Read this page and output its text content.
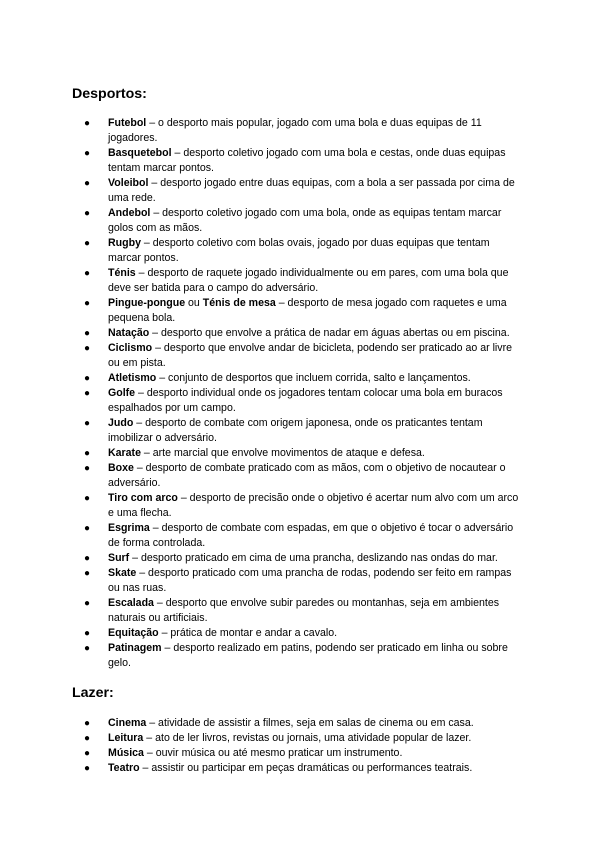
Desportos:
● Futebol – o desporto mais popular, jogado com uma bola e duas equipas de 11 jogadores.
● Basquetebol – desporto coletivo jogado com uma bola e cestas, onde duas equipas tentam marcar pontos.
● Voleibol – desporto jogado entre duas equipas, com a bola a ser passada por cima de uma rede.
● Andebol – desporto coletivo jogado com uma bola, onde as equipas tentam marcar golos com as mãos.
● Rugby – desporto coletivo com bolas ovais, jogado por duas equipas que tentam marcar pontos.
● Ténis – desporto de raquete jogado individualmente ou em pares, com uma bola que deve ser batida para o campo do adversário.
● Pingue-pongue ou Ténis de mesa – desporto de mesa jogado com raquetes e uma pequena bola.
● Natação – desporto que envolve a prática de nadar em águas abertas ou em piscina.
● Ciclismo – desporto que envolve andar de bicicleta, podendo ser praticado ao ar livre ou em pista.
● Atletismo – conjunto de desportos que incluem corrida, salto e lançamentos.
● Golfe – desporto individual onde os jogadores tentam colocar uma bola em buracos espalhados por um campo.
● Judo – desporto de combate com origem japonesa, onde os praticantes tentam imobilizar o adversário.
● Karate – arte marcial que envolve movimentos de ataque e defesa.
● Boxe – desporto de combate praticado com as mãos, com o objetivo de nocautear o adversário.
● Tiro com arco – desporto de precisão onde o objetivo é acertar num alvo com um arco e uma flecha.
● Esgrima – desporto de combate com espadas, em que o objetivo é tocar o adversário de forma controlada.
● Surf – desporto praticado em cima de uma prancha, deslizando nas ondas do mar.
● Skate – desporto praticado com uma prancha de rodas, podendo ser feito em rampas ou nas ruas.
● Escalada – desporto que envolve subir paredes ou montanhas, seja em ambientes naturais ou artificiais.
● Equitação – prática de montar e andar a cavalo.
● Patinagem – desporto realizado em patins, podendo ser praticado em linha ou sobre gelo.
Lazer:
● Cinema – atividade de assistir a filmes, seja em salas de cinema ou em casa.
● Leitura – ato de ler livros, revistas ou jornais, uma atividade popular de lazer.
● Música – ouvir música ou até mesmo praticar um instrumento.
● Teatro – assistir ou participar em peças dramáticas ou performances teatrais.
